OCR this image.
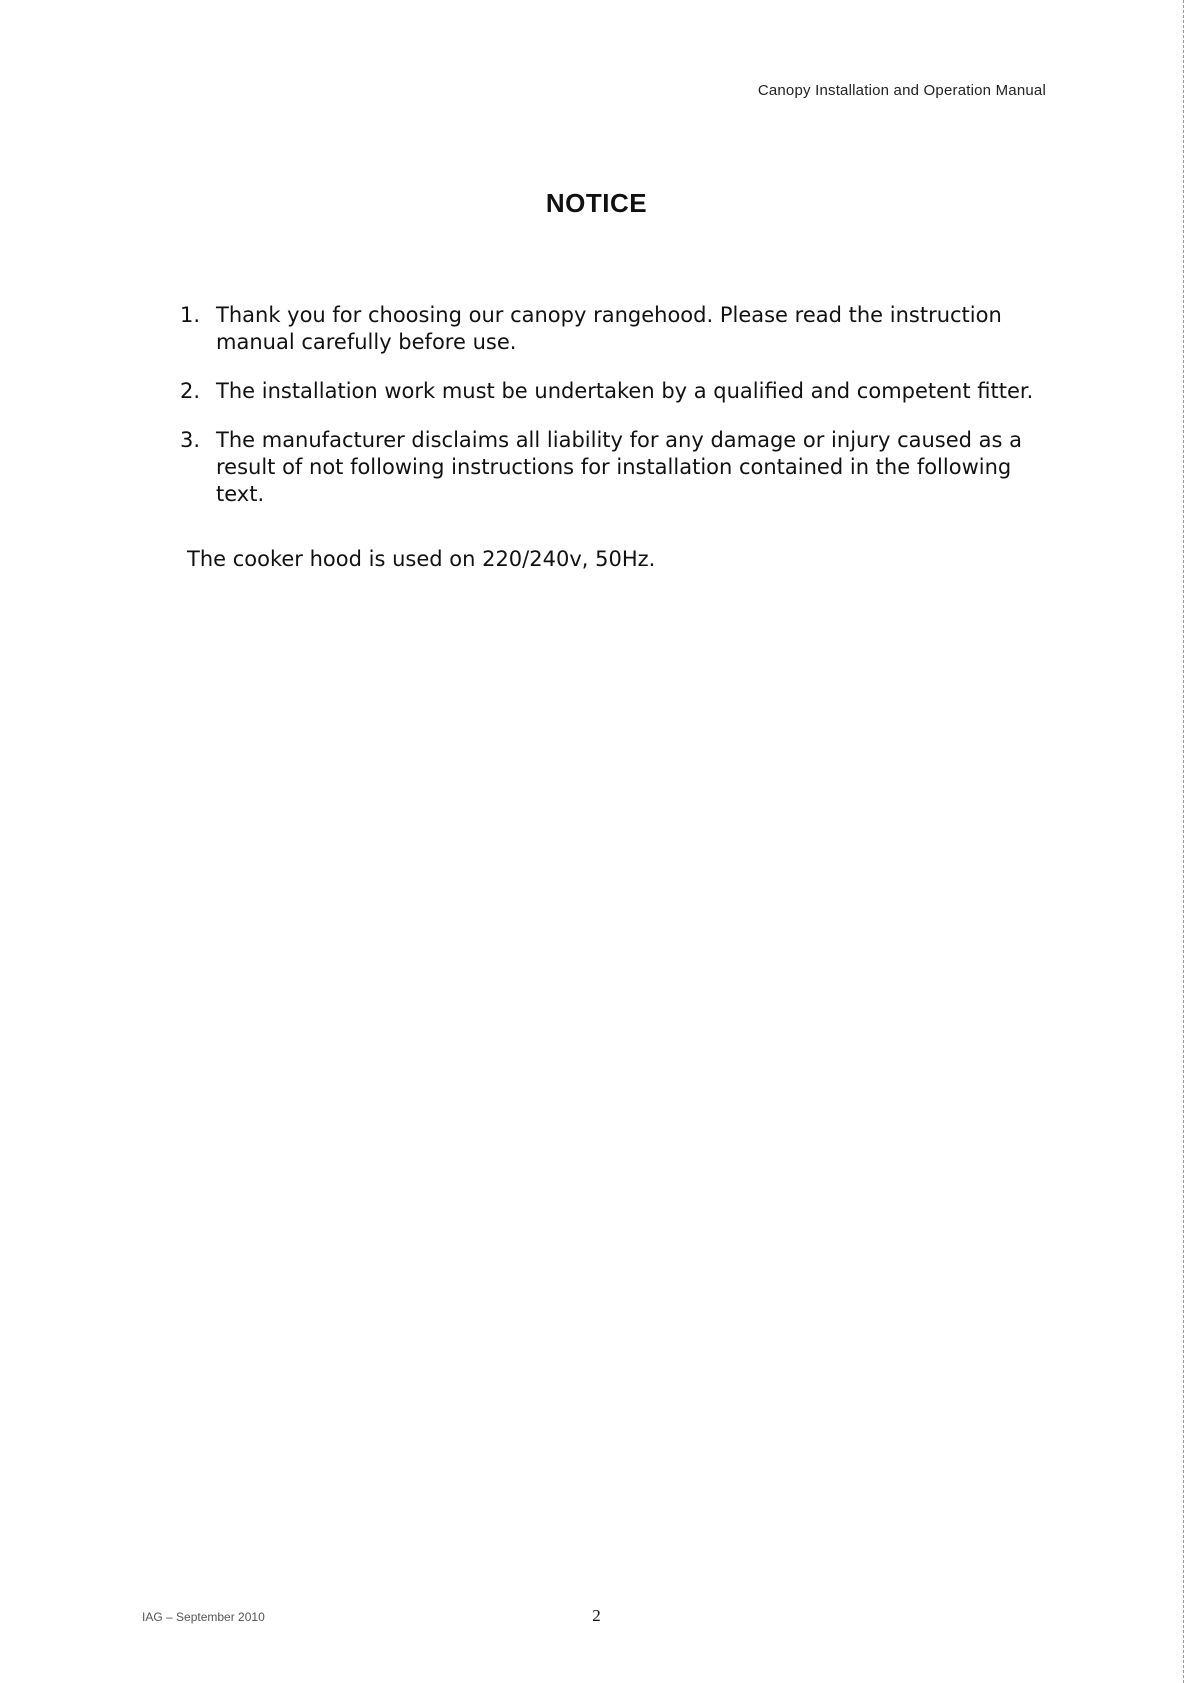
Canopy Installation and Operation Manual
NOTICE
1. Thank you for choosing our canopy rangehood. Please read the instruction manual carefully before use.
2. The installation work must be undertaken by a qualified and competent fitter.
3. The manufacturer disclaims all liability for any damage or injury caused as a result of not following instructions for installation contained in the following text.
The cooker hood is used on 220/240v, 50Hz.
IAG – September 2010	2
